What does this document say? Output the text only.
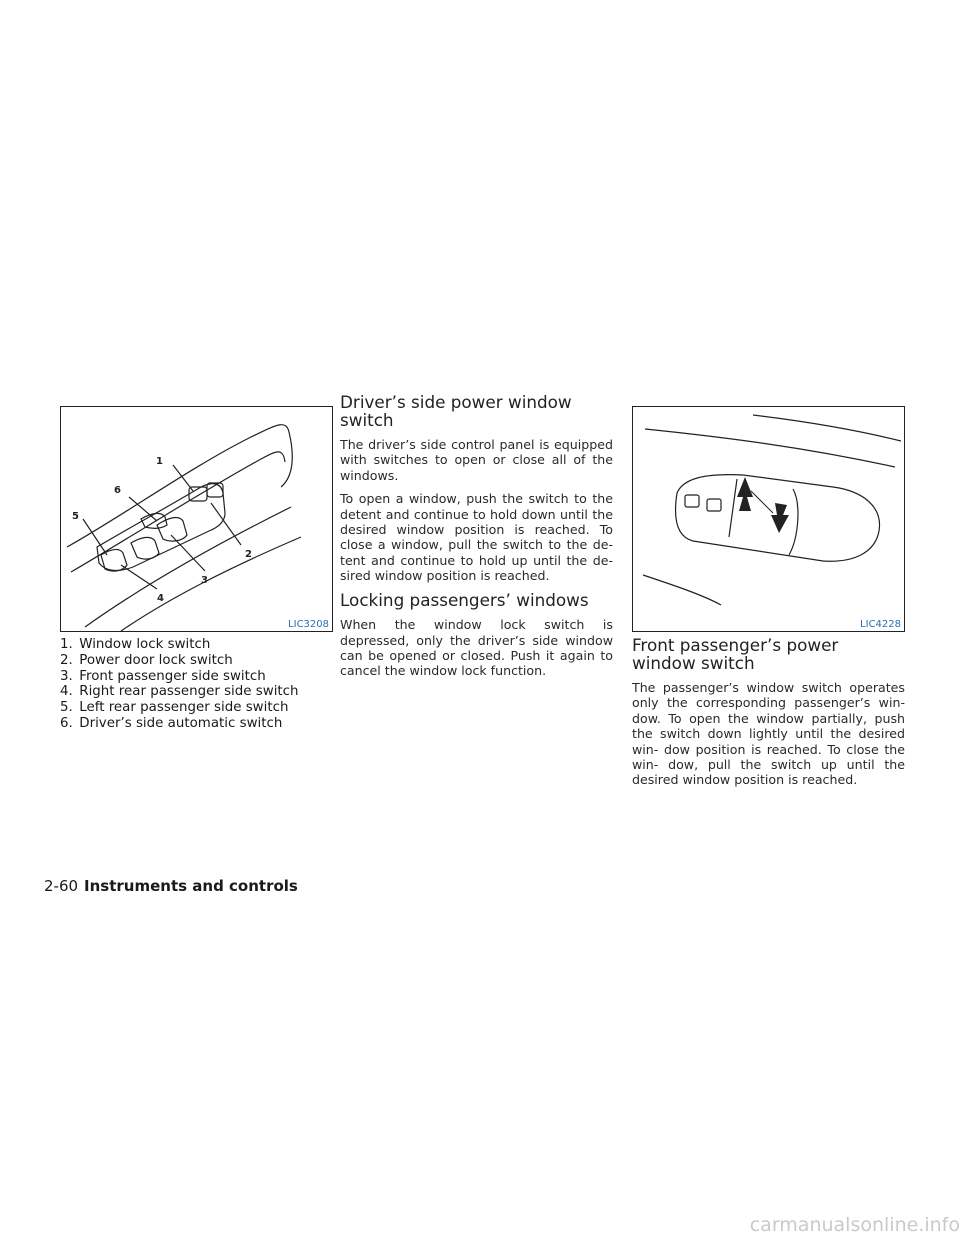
1
2
3
4
5
6
LIC3208
1. Window lock switch
2. Power door lock switch
3. Front passenger side switch
4. Right rear passenger side switch
5. Left rear passenger side switch
6. Driver’s side automatic switch
Driver’s side power window switch

The driver’s side control panel is equipped with switches to open or close all of the windows.

To open a window, push the switch to the detent and continue to hold down until the desired window position is reached. To close a window, pull the switch to the de- tent and continue to hold up until the de- sired window position is reached.

Locking passengers’ windows

When the window lock switch is depressed, only the driver’s side window can be opened or closed. Push it again to cancel the window lock function.

LIC4228
Front passenger’s power window switch

The passenger’s window switch operates only the corresponding passenger’s win- dow. To open the window partially, push the switch down lightly until the desired win- dow position is reached. To close the win- dow, pull the switch up until the desired window position is reached.

2-60 Instruments and controls
carmanualsonline.info
